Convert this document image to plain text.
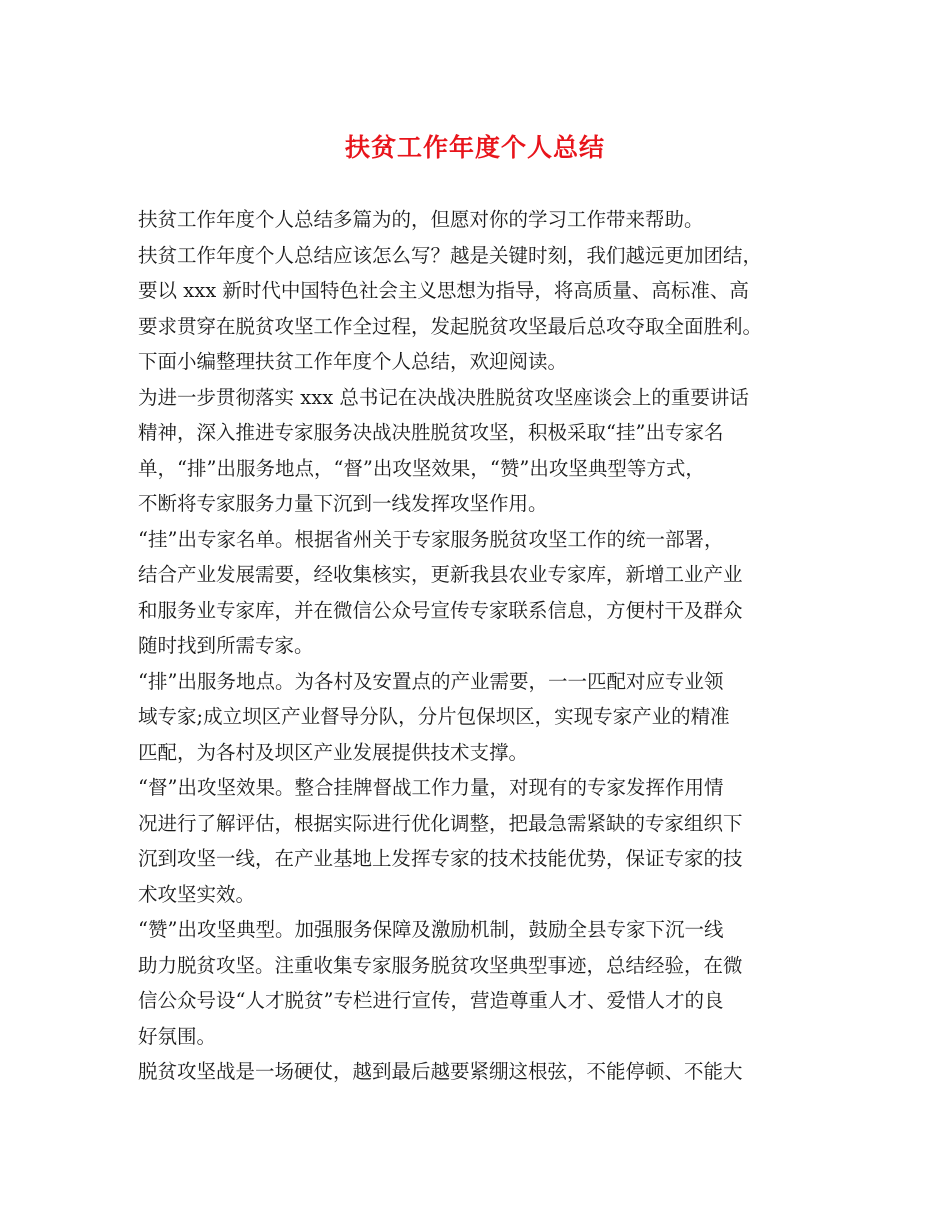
扶贫工作年度个人总结
扶贫工作年度个人总结多篇为的，但愿对你的学习工作带来帮助。
扶贫工作年度个人总结应该怎么写？越是关键时刻，我们越远更加团结，
要以 xxx 新时代中国特色社会主义思想为指导，将高质量、高标准、高
要求贯穿在脱贫攻坚工作全过程，发起脱贫攻坚最后总攻夺取全面胜利。
下面小编整理扶贫工作年度个人总结，欢迎阅读。
为进一步贯彻落实 xxx 总书记在决战决胜脱贫攻坚座谈会上的重要讲话
精神，深入推进专家服务决战决胜脱贫攻坚，积极采取“挂”出专家名
单，“排”出服务地点，“督”出攻坚效果，“赞”出攻坚典型等方式，
不断将专家服务力量下沉到一线发挥攻坚作用。
“挂”出专家名单。根据省州关于专家服务脱贫攻坚工作的统一部署，
结合产业发展需要，经收集核实，更新我县农业专家库，新增工业产业
和服务业专家库，并在微信公众号宣传专家联系信息，方便村干及群众
随时找到所需专家。
“排”出服务地点。为各村及安置点的产业需要，一一匹配对应专业领
域专家;成立坝区产业督导分队，分片包保坝区，实现专家产业的精准
匹配，为各村及坝区产业发展提供技术支撑。
“督”出攻坚效果。整合挂牌督战工作力量，对现有的专家发挥作用情
况进行了解评估，根据实际进行优化调整，把最急需紧缺的专家组织下
沉到攻坚一线，在产业基地上发挥专家的技术技能优势，保证专家的技
术攻坚实效。
“赞”出攻坚典型。加强服务保障及激励机制，鼓励全县专家下沉一线
助力脱贫攻坚。注重收集专家服务脱贫攻坚典型事迹，总结经验，在微
信公众号设“人才脱贫”专栏进行宣传，营造尊重人才、爱惜人才的良
好氛围。
脱贫攻坚战是一场硬仗，越到最后越要紧绷这根弦，不能停顿、不能大
